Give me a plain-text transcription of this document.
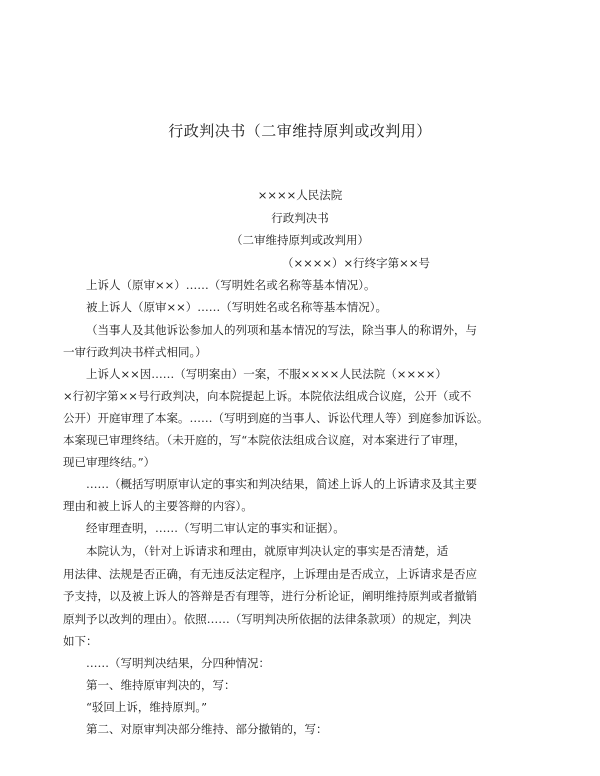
行政判决书（二审维持原判或改判用）
××××人民法院
行政判决书
（二审维持原判或改判用）
（××××）×行终字第××号
上诉人（原审××）……（写明姓名或名称等基本情况）。
被上诉人（原审××）……（写明姓名或名称等基本情况）。
（当事人及其他诉讼参加人的列项和基本情况的写法，除当事人的称谓外，与
一审行政判决书样式相同。）
上诉人××因……（写明案由）一案，不服××××人民法院（××××）
×行初字第××号行政判决，向本院提起上诉。本院依法组成合议庭，公开（或不
公开）开庭审理了本案。……（写明到庭的当事人、诉讼代理人等）到庭参加诉讼。
本案现已审理终结。（未开庭的，写“本院依法组成合议庭，对本案进行了审理，
现已审理终结。”）
……（概括写明原审认定的事实和判决结果，简述上诉人的上诉请求及其主要
理由和被上诉人的主要答辩的内容）。
经审理查明，……（写明二审认定的事实和证据）。
本院认为，（针对上诉请求和理由，就原审判决认定的事实是否清楚，适
用法律、法规是否正确，有无违反法定程序，上诉理由是否成立，上诉请求是否应
予支持，以及被上诉人的答辩是否有理等，进行分析论证，阐明维持原判或者撤销
原判予以改判的理由）。依照……（写明判决所依据的法律条款项）的规定，判决
如下：
……（写明判决结果，分四种情况：
第一、维持原审判决的，写：
“驳回上诉，维持原判。”
第二、对原审判决部分维持、部分撤销的，写：
